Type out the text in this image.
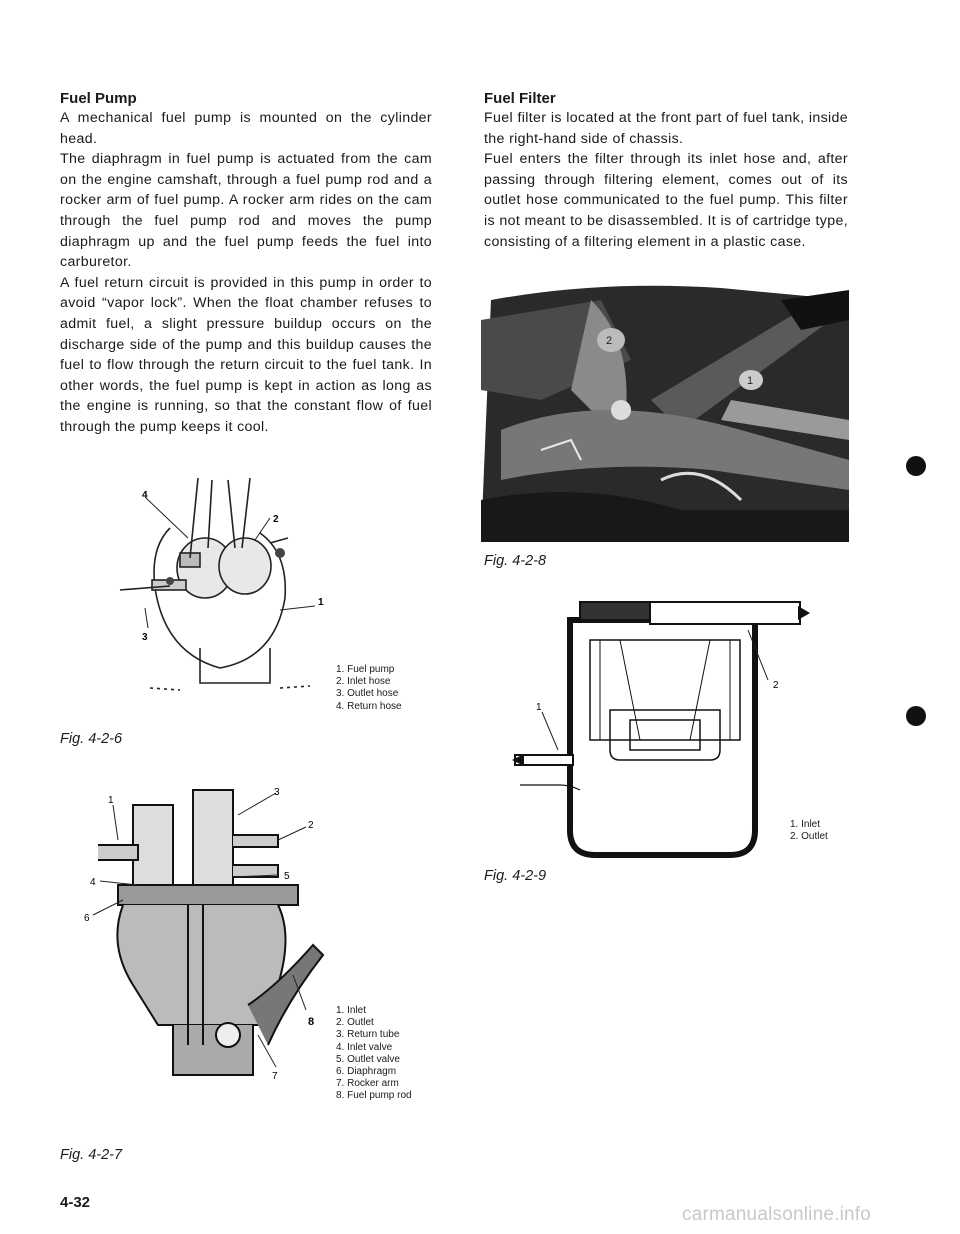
Fuel Pump
A mechanical fuel pump is mounted on the cylinder head.
The diaphragm in fuel pump is actuated from the cam on the engine camshaft, through a fuel pump rod and a rocker arm of fuel pump. A rocker arm rides on the cam through the fuel pump rod and moves the pump diaphragm up and the fuel pump feeds the fuel into carburetor.
A fuel return circuit is provided in this pump in order to avoid “vapor lock”. When the float chamber refuses to admit fuel, a slight pressure buildup occurs on the discharge side of the pump and this buildup causes the fuel to flow through the return circuit to the fuel tank. In other words, the fuel pump is kept in action as long as the engine is running, so that the constant flow of fuel through the pump keeps it cool.
Fuel Filter
Fuel filter is located at the front part of fuel tank, inside the right-hand side of chassis.
Fuel enters the filter through its inlet hose and, after passing through filtering element, comes out of its outlet hose communicated to the fuel pump. This filter is not meant to be disassembled. It is of cartridge type, consisting of a filtering element in a plastic case.
4
2
1
3
1. Fuel pump
2. Inlet hose
3. Outlet hose
4. Return hose
Fig. 4-2-6
1
3
2
5
4
6
8
7
1. Inlet
2. Outlet
3. Return tube
4. Inlet valve
5. Outlet valve
6. Diaphragm
7. Rocker arm
8. Fuel pump rod
Fig. 4-2-7
2
1
Fig. 4-2-8
2
1
1. Inlet
2. Outlet
Fig. 4-2-9
4-32
carmanualsonline.info
